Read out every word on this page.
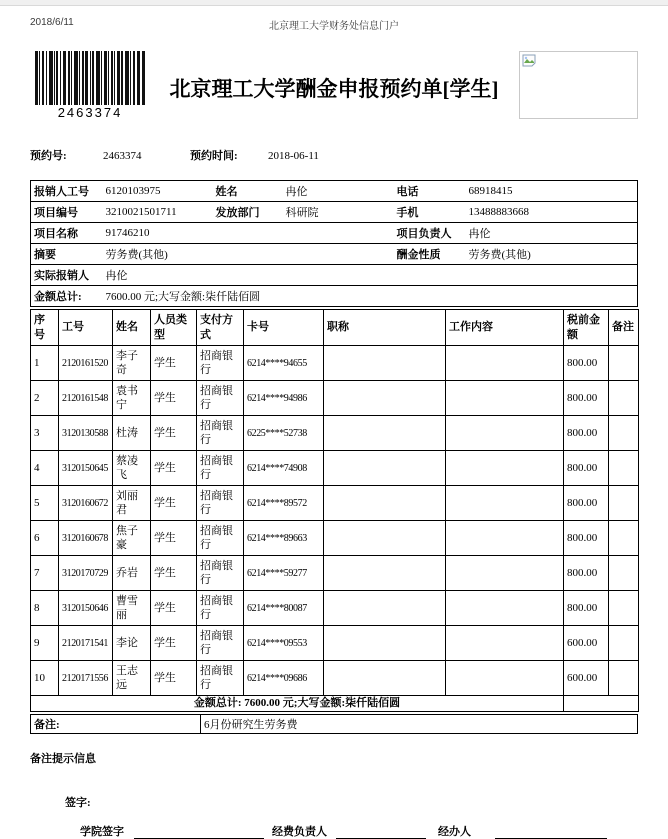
2018/6/11	北京理工大学财务处信息门户
2463374
北京理工大学酬金申报预约单[学生]
预约号:	2463374	预约时间:	2018-06-11
报销人工号	6120103975	姓名	冉伦	电话	68918415
项目编号	3210021501711	发放部门	科研院	手机	13488883668
项目名称	91746210			项目负责人	冉伦
摘要	劳务费(其他)			酬金性质	劳务费(其他)
实际报销人	冉伦				
金额总计:	7600.00 元;大写金额:柒仟陆佰圆				
序号	工号	姓名	人员类型	支付方式	卡号	职称	工作内容	税前金额	备注
1	2120161520	李子奇	学生	招商银行	6214****94655			800.00	
2	2120161548	袁书宁	学生	招商银行	6214****94986			800.00	
3	3120130588	杜涛	学生	招商银行	6225****52738			800.00	
4	3120150645	蔡凌飞	学生	招商银行	6214****74908			800.00	
5	3120160672	刘丽君	学生	招商银行	6214****89572			800.00	
6	3120160678	焦子豪	学生	招商银行	6214****89663			800.00	
7	3120170729	乔岩	学生	招商银行	6214****59277			800.00	
8	3120150646	曹雪丽	学生	招商银行	6214****80087			800.00	
9	2120171541	李论	学生	招商银行	6214****09553			600.00	
10	2120171556	王志远	学生	招商银行	6214****09686			600.00	
金额总计: 7600.00 元;大写金额:柒仟陆佰圆									
备注:	6月份研究生劳务费
备注提示信息
签字:
学院签字	经费负责人	经办人
